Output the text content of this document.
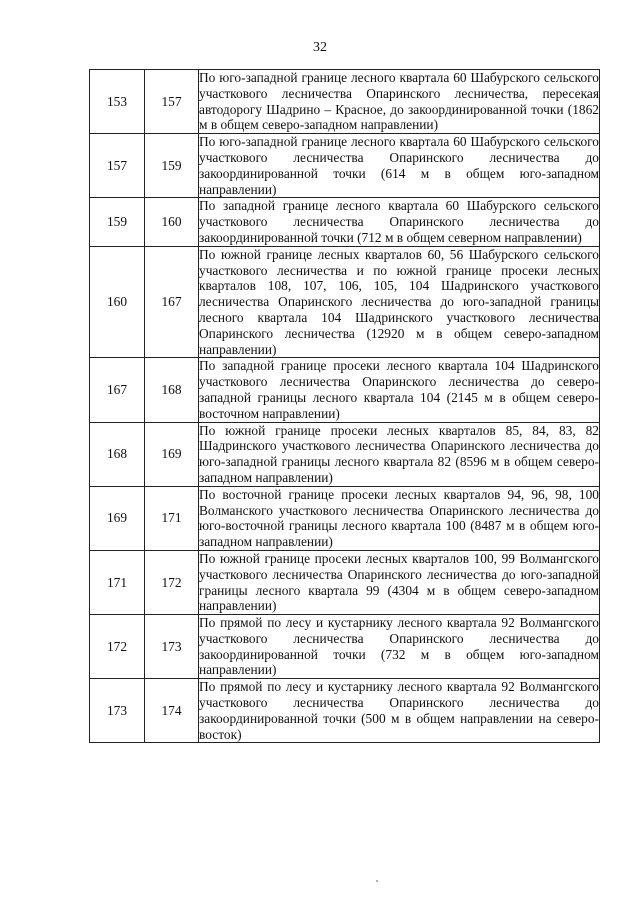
32
153	157	По юго-западной границе лесного квартала 60 Шабурского сельского участкового лесничества Опаринского лесничества, пересекая автодорогу Шадрино – Красное, до закоординированной точки (1862 м в общем северо-западном направлении)
157	159	По юго-западной границе лесного квартала 60 Шабурского сельского участкового лесничества Опаринского лесничества до закоординированной точки (614 м в общем юго-западном направлении)
159	160	По западной границе лесного квартала 60 Шабурского сельского участкового лесничества Опаринского лесничества до закоординированной точки (712 м в общем северном направлении)
160	167	По южной границе лесных кварталов 60, 56 Шабурского сельского участкового лесничества и по южной границе просеки лесных кварталов 108, 107, 106, 105, 104 Шадринского участкового лесничества Опаринского лесничества до юго-западной границы лесного квартала 104 Шадринского участкового лесничества Опаринского лесничества (12920 м в общем северо-западном направлении)
167	168	По западной границе просеки лесного квартала 104 Шадринского участкового лесничества Опаринского лесничества до северо-западной границы лесного квартала 104 (2145 м в общем северо-восточном направлении)
168	169	По южной границе просеки лесных кварталов 85, 84, 83, 82 Шадринского участкового лесничества Опаринского лесничества до юго-западной границы лесного квартала 82 (8596 м в общем северо-западном направлении)
169	171	По восточной границе просеки лесных кварталов 94, 96, 98, 100 Волманского участкового лесничества Опаринского лесничества до юго-восточной границы лесного квартала 100 (8487 м в общем юго-западном направлении)
171	172	По южной границе просеки лесных кварталов 100, 99 Волмангского участкового лесничества Опаринского лесничества до юго-западной границы лесного квартала 99 (4304 м в общем северо-западном направлении)
172	173	По прямой по лесу и кустарнику лесного квартала 92 Волмангского участкового лесничества Опаринского лесничества до закоординированной точки (732 м в общем юго-западном направлении)
173	174	По прямой по лесу и кустарнику лесного квартала 92 Волмангского участкового лесничества Опаринского лесничества до закоординированной точки (500 м в общем направлении на северо-восток)
